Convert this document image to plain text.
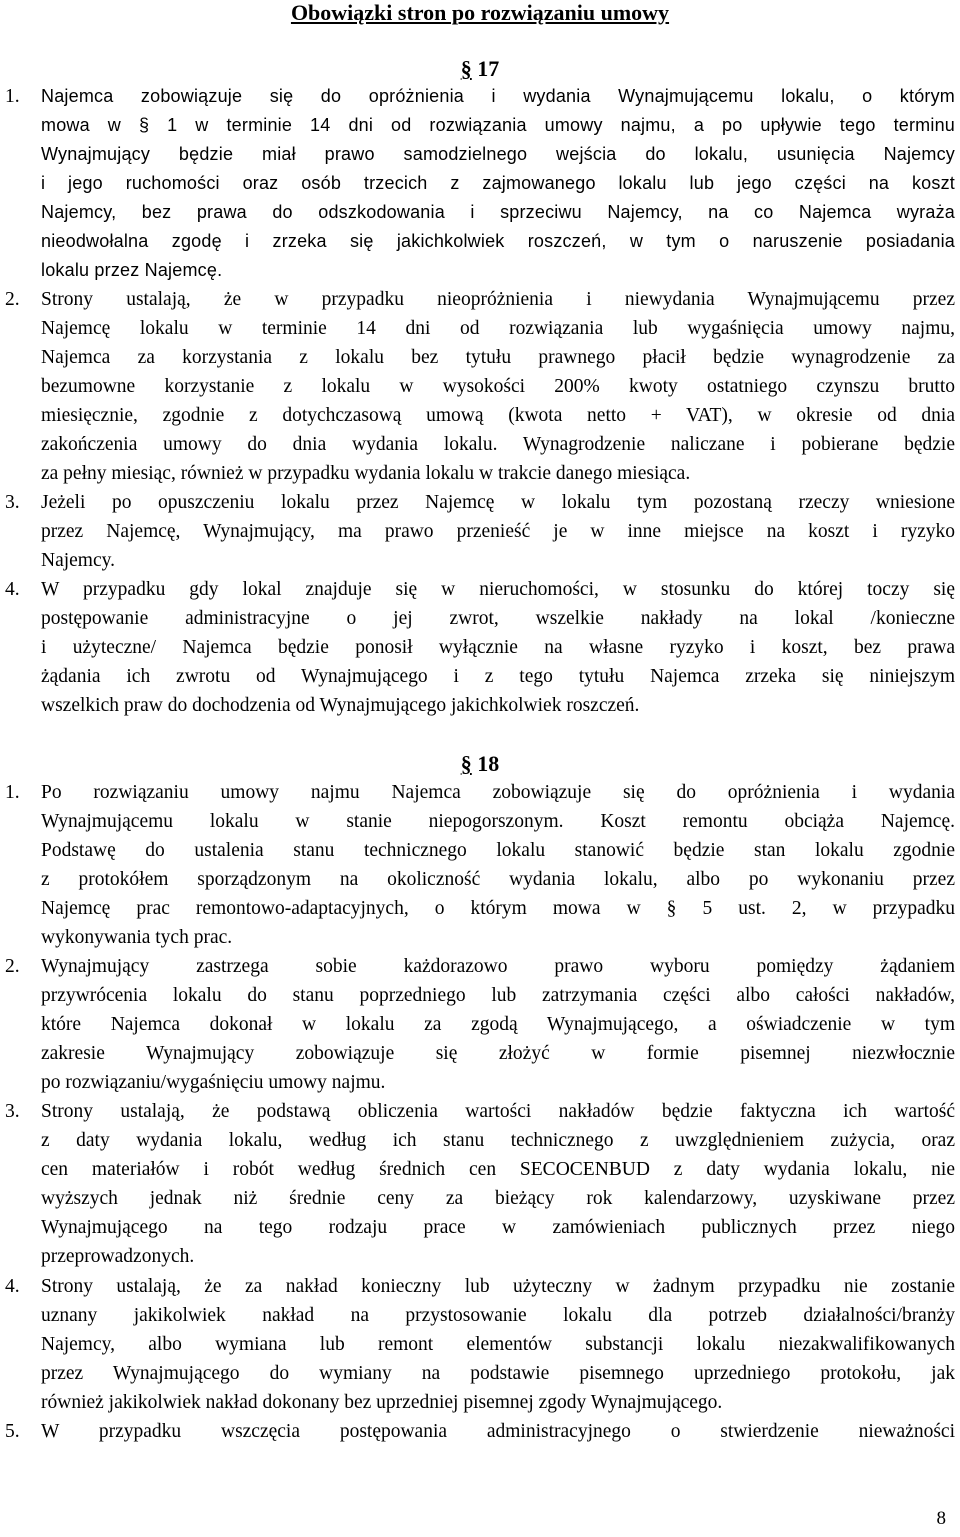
Obowiązki stron po rozwiązaniu umowy
§ 17
1. Najemca zobowiązuje się do opróżnienia i wydania Wynajmującemu lokalu, o którym
mowa w § 1 w terminie 14 dni od rozwiązania umowy najmu, a po upływie tego terminu
Wynajmujący będzie miał prawo samodzielnego wejścia do lokalu, usunięcia Najemcy
i jego ruchomości oraz osób trzecich z zajmowanego lokalu lub jego części na koszt
Najemcy, bez prawa do odszkodowania i sprzeciwu Najemcy, na co Najemca wyraża
nieodwołalna zgodę i zrzeka się jakichkolwiek roszczeń, w tym o naruszenie posiadania
lokalu przez Najemcę.
2. Strony ustalają, że w przypadku nieopróżnienia i niewydania Wynajmującemu przez
Najemcę lokalu w terminie 14 dni od rozwiązania lub wygaśnięcia umowy najmu,
Najemca za korzystania z lokalu bez tytułu prawnego płacił będzie wynagrodzenie za
bezumowne korzystanie z lokalu w wysokości 200% kwoty ostatniego czynszu brutto
miesięcznie, zgodnie z dotychczasową umową (kwota netto + VAT), w okresie od dnia
zakończenia umowy do dnia wydania lokalu. Wynagrodzenie naliczane i pobierane będzie
za pełny miesiąc, również w przypadku wydania lokalu w trakcie danego miesiąca.
3. Jeżeli po opuszczeniu lokalu przez Najemcę w lokalu tym pozostaną rzeczy wniesione
przez Najemcę, Wynajmujący, ma prawo przenieść je w inne miejsce na koszt i ryzyko
Najemcy.
4. W przypadku gdy lokal znajduje się w nieruchomości, w stosunku do której toczy się
postępowanie administracyjne o jej zwrot, wszelkie nakłady na lokal /konieczne
i użyteczne/ Najemca będzie ponosił wyłącznie na własne ryzyko i koszt, bez prawa
żądania ich zwrotu od Wynajmującego i z tego tytułu Najemca zrzeka się niniejszym
wszelkich praw do dochodzenia od Wynajmującego jakichkolwiek roszczeń.
§ 18
1. Po rozwiązaniu umowy najmu Najemca zobowiązuje się do opróżnienia i wydania
Wynajmującemu lokalu w stanie niepogorszonym. Koszt remontu obciąża Najemcę.
Podstawę do ustalenia stanu technicznego lokalu stanowić będzie stan lokalu zgodnie
z protokółem sporządzonym na okoliczność wydania lokalu, albo po wykonaniu przez
Najemcę prac remontowo-adaptacyjnych, o którym mowa w § 5 ust. 2, w przypadku
wykonywania tych prac.
2. Wynajmujący zastrzega sobie każdorazowo prawo wyboru pomiędzy żądaniem
przywrócenia lokalu do stanu poprzedniego lub zatrzymania części albo całości nakładów,
które Najemca dokonał w lokalu za zgodą Wynajmującego, a oświadczenie w tym
zakresie Wynajmujący zobowiązuje się złożyć w formie pisemnej niezwłocznie
po rozwiązaniu/wygaśnięciu umowy najmu.
3. Strony ustalają, że podstawą obliczenia wartości nakładów będzie faktyczna ich wartość
z daty wydania lokalu, według ich stanu technicznego z uwzględnieniem zużycia, oraz
cen materiałów i robót według średnich cen SECOCENBUD z daty wydania lokalu, nie
wyższych jednak niż średnie ceny za bieżący rok kalendarzowy, uzyskiwane przez
Wynajmującego na tego rodzaju prace w zamówieniach publicznych przez niego
przeprowadzonych.
4. Strony ustalają, że za nakład konieczny lub użyteczny w żadnym przypadku nie zostanie
uznany jakikolwiek nakład na przystosowanie lokalu dla potrzeb działalności/branży
Najemcy, albo wymiana lub remont elementów substancji lokalu niezakwalifikowanych
przez Wynajmującego do wymiany na podstawie pisemnego uprzedniego protokołu, jak
również jakikolwiek nakład dokonany bez uprzedniej pisemnej zgody Wynajmującego.
5. W przypadku wszczęcia postępowania administracyjnego o stwierdzenie nieważności
8
